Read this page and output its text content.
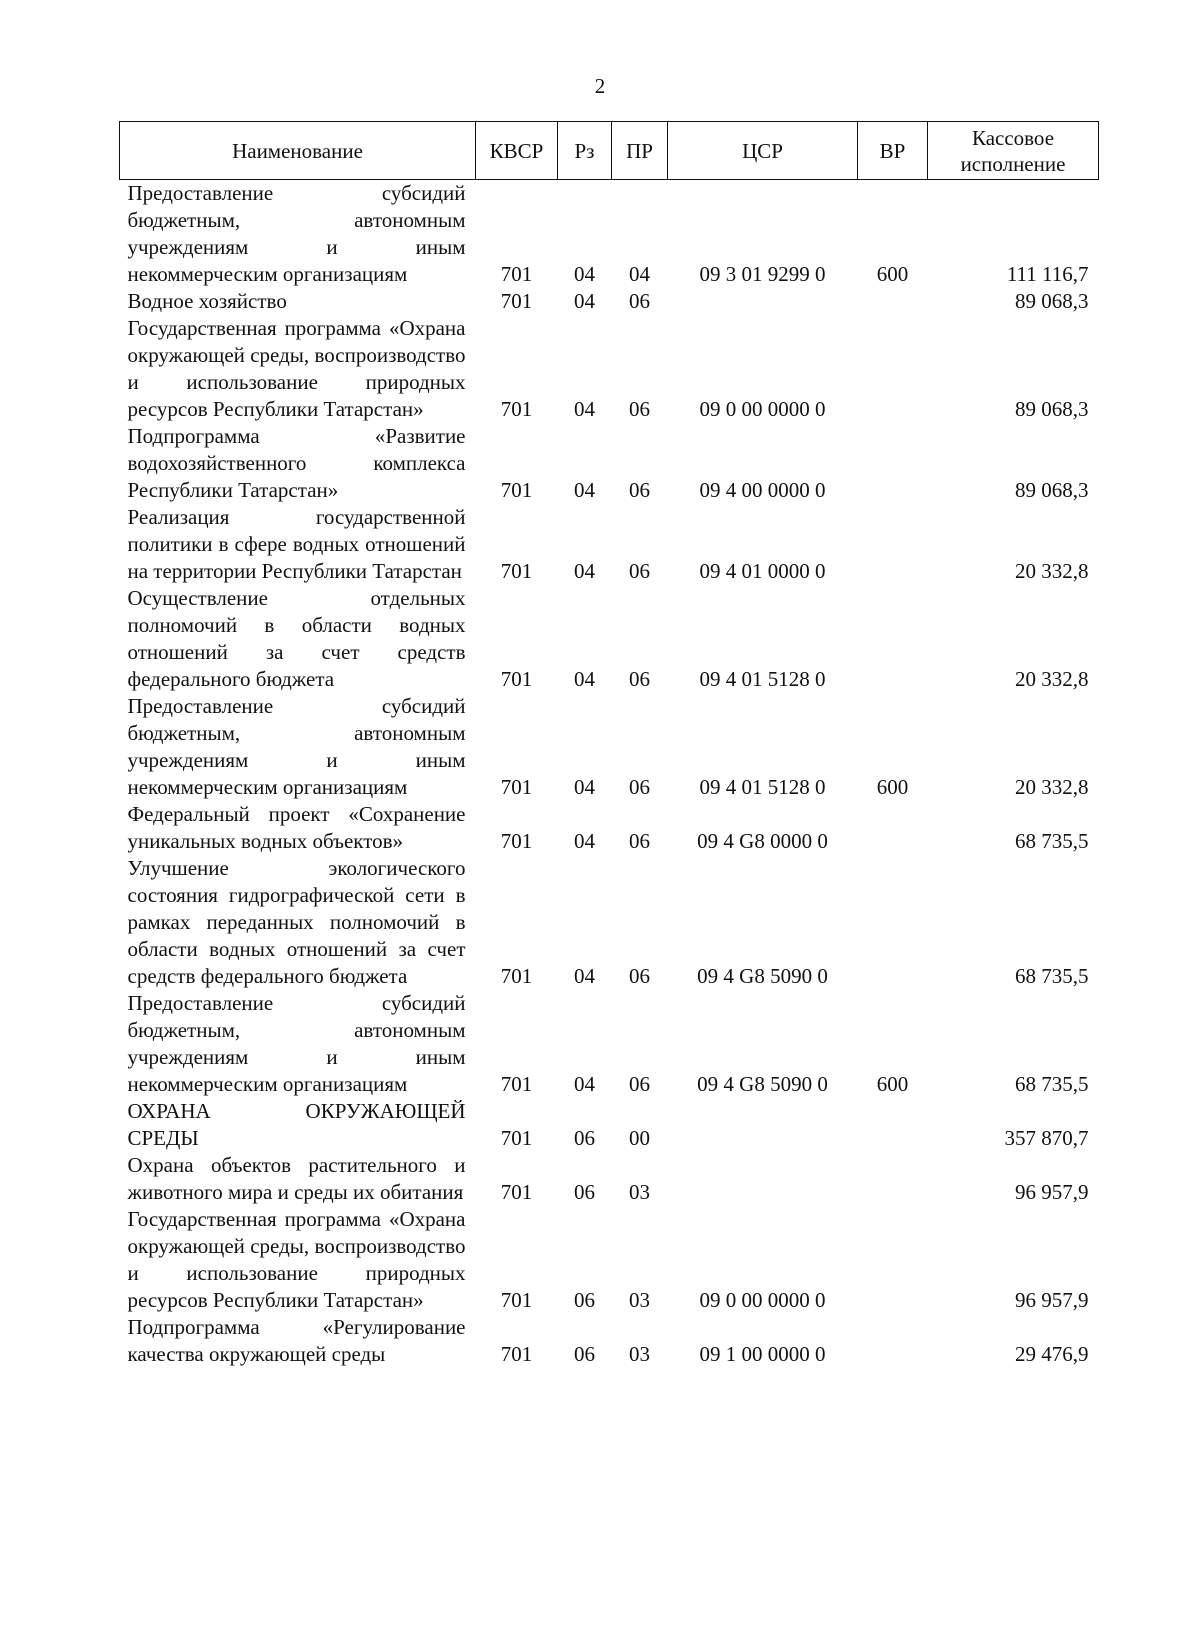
2
Наименование	КВСР	Рз	ПР	ЦСР	ВР	Кассовое исполнение
Предоставление субсидий бюджетным, автономным учреждениям и иным некоммерческим организациям	701	04	04	09 3 01 9299 0	600	111 116,7
Водное хозяйство	701	04	06			89 068,3
Государственная программа «Охрана окружающей среды, воспроизводство и использование природных ресурсов Республики Татарстан»	701	04	06	09 0 00 0000 0		89 068,3
Подпрограмма «Развитие водохозяйственного комплекса Республики Татарстан»	701	04	06	09 4 00 0000 0		89 068,3
Реализация государственной политики в сфере водных отношений на территории Республики Татарстан	701	04	06	09 4 01 0000 0		20 332,8
Осуществление отдельных полномочий в области водных отношений за счет средств федерального бюджета	701	04	06	09 4 01 5128 0		20 332,8
Предоставление субсидий бюджетным, автономным учреждениям и иным некоммерческим организациям	701	04	06	09 4 01 5128 0	600	20 332,8
Федеральный проект «Сохранение уникальных водных объектов»	701	04	06	09 4 G8 0000 0		68 735,5
Улучшение экологического состояния гидрографической сети в рамках переданных полномочий в области водных отношений за счет средств федерального бюджета	701	04	06	09 4 G8 5090 0		68 735,5
Предоставление субсидий бюджетным, автономным учреждениям и иным некоммерческим организациям	701	04	06	09 4 G8 5090 0	600	68 735,5

ОХРАНА ОКРУЖАЮЩЕЙ
СРЕДЫ	701	06	00			357 870,7
Охрана объектов растительного и животного мира и среды их обитания	701	06	03			96 957,9
Государственная программа «Охрана окружающей среды, воспроизводство и использование природных ресурсов Республики Татарстан»	701	06	03	09 0 00 0000 0		96 957,9
Подпрограмма «Регулирование качества окружающей среды	701	06	03	09 1 00 0000 0		29 476,9
